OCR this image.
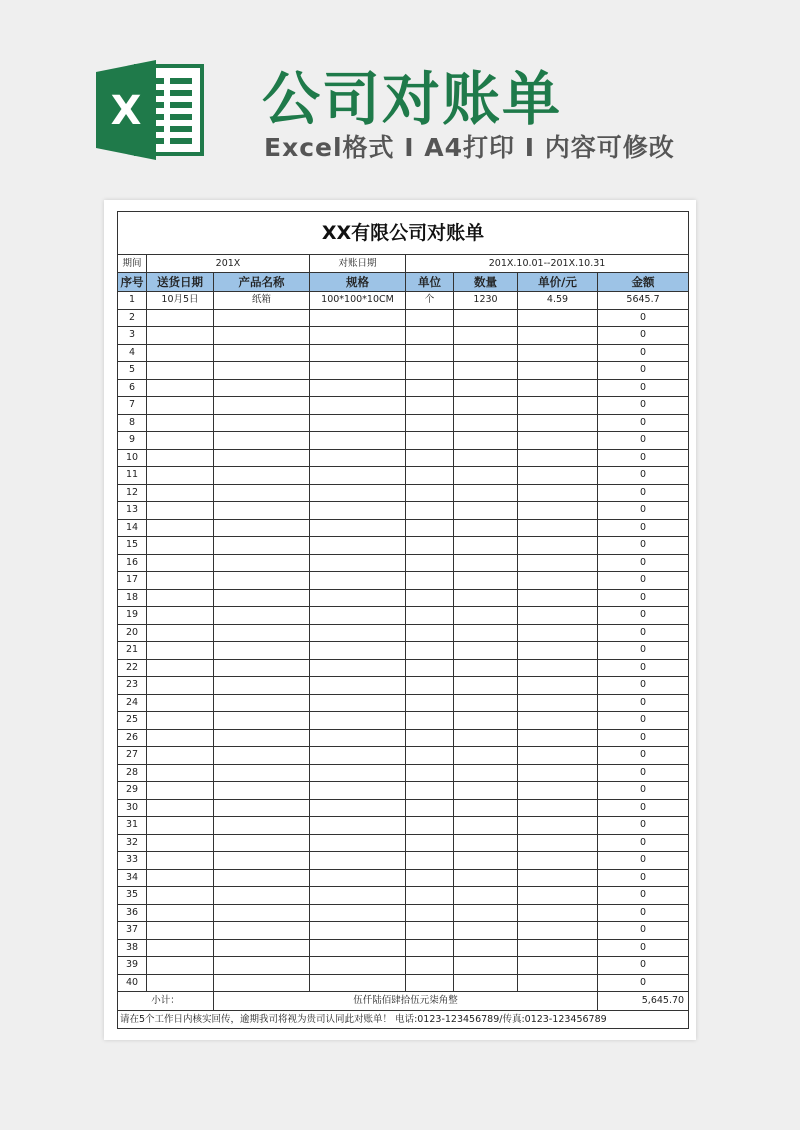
X 公司对账单
Excel格式 I A4打印 I 内容可修改
XX有限公司对账单							
期间	201X		对账日期	201X.10.01--201X.10.31			
序号	送货日期	产品名称	规格	单位	数量	单价/元	金额
1	10月5日	纸箱	100*100*10CM	个	1230	4.59	5645.7
2							0
3							0
4							0
5							0
6							0
7							0
8							0
9							0
10							0
11							0
12							0
13							0
14							0
15							0
16							0
17							0
18							0
19							0
20							0
21							0
22							0
23							0
24							0
25							0
26							0
27							0
28							0
29							0
30							0
31							0
32							0
33							0
34							0
35							0
36							0
37							0
38							0
39							0
40							0
小计：		伍仟陆佰肆拾伍元柒角整					5,645.70
请在5个工作日内核实回传，逾期我司将视为贵司认同此对账单！ 电话:0123-123456789/传真:0123-123456789							
